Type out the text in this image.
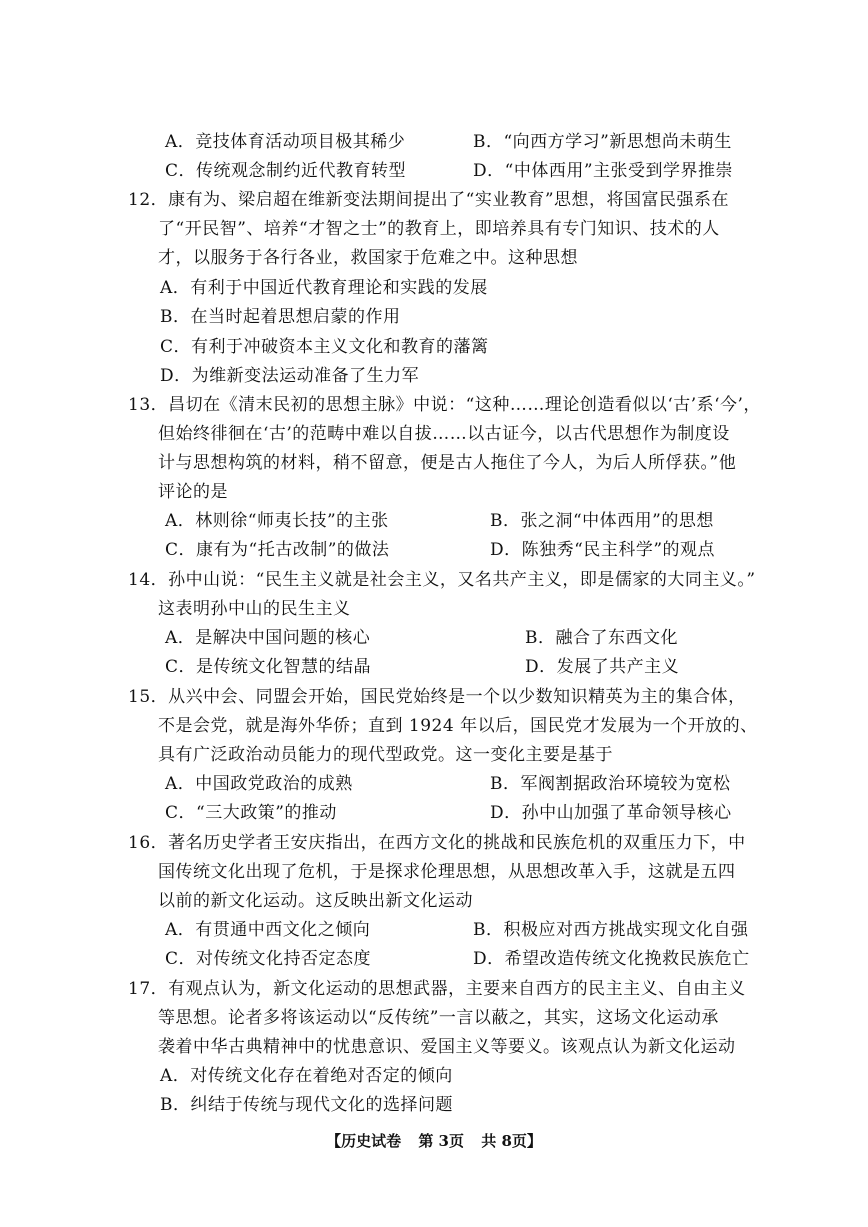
A．竞技体育活动项目极其稀少	B．“向西方学习”新思想尚未萌生
C．传统观念制约近代教育转型	D．“中体西用”主张受到学界推崇
12．康有为、梁启超在维新变法期间提出了“实业教育”思想，将国富民强系在
了“开民智”、培养“才智之士”的教育上，即培养具有专门知识、技术的人
才，以服务于各行各业，救国家于危难之中。这种思想
A．有利于中国近代教育理论和实践的发展
B．在当时起着思想启蒙的作用
C．有利于冲破资本主义文化和教育的藩篱
D．为维新变法运动准备了生力军
13．昌切在《清末民初的思想主脉》中说：“这种……理论创造看似以‘古’系‘今’，
但始终徘徊在‘古’的范畴中难以自拔……以古证今，以古代思想作为制度设
计与思想构筑的材料，稍不留意，便是古人拖住了今人，为后人所俘获。”他
评论的是
A．林则徐“师夷长技”的主张	B．张之洞“中体西用”的思想
C．康有为“托古改制”的做法	D．陈独秀“民主科学”的观点
14．孙中山说：“民生主义就是社会主义，又名共产主义，即是儒家的大同主义。”
这表明孙中山的民生主义
A．是解决中国问题的核心	B．融合了东西文化
C．是传统文化智慧的结晶	D．发展了共产主义
15．从兴中会、同盟会开始，国民党始终是一个以少数知识精英为主的集合体，
不是会党，就是海外华侨；直到 1924 年以后，国民党才发展为一个开放的、
具有广泛政治动员能力的现代型政党。这一变化主要是基于
A．中国政党政治的成熟	B．军阀割据政治环境较为宽松
C．“三大政策”的推动	D．孙中山加强了革命领导核心
16．著名历史学者王安庆指出，在西方文化的挑战和民族危机的双重压力下，中
国传统文化出现了危机，于是探求伦理思想，从思想改革入手，这就是五四
以前的新文化运动。这反映出新文化运动
A．有贯通中西文化之倾向	B．积极应对西方挑战实现文化自强
C．对传统文化持否定态度	D．希望改造传统文化挽救民族危亡
17．有观点认为，新文化运动的思想武器，主要来自西方的民主主义、自由主义
等思想。论者多将该运动以“反传统”一言以蔽之，其实，这场文化运动承
袭着中华古典精神中的忧患意识、爱国主义等要义。该观点认为新文化运动
A．对传统文化存在着绝对否定的倾向
B．纠结于传统与现代文化的选择问题
【历史试卷 第 3页 共 8页】
